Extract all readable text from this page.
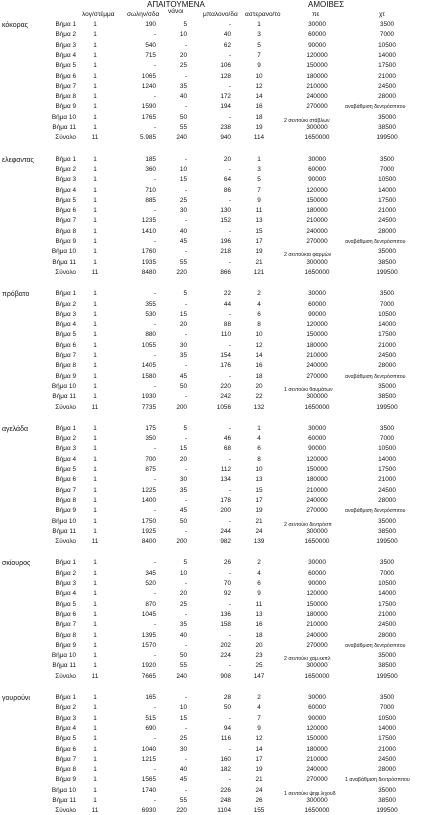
ΑΠΑΙΤΟΥΜΕΝΑ	ΑΜΟΙΒΕΣ
λογ/στέμμα σωλην/σδα νάνοι	μπαλονο/δα αστερανο/το	πε	χτ
κόκορας	Βήμα 1	1	190	5	-	1	30000	3500
Βήμα 2	1	-	10	40	3	60000	7000
Βήμα 3	1	540	-	62	5	90000	10500
Βήμα 4	1	715	20	-	7	120000	14000
Βήμα 5	1	-	25	106	9	150000	17500
Βήμα 6	1	1065	-	128	10	180000	21000
Βήμα 7	1	1240	35	-	12	210000	24500
Βήμα 8	1	-	40	172	14	240000	28000
Βήμα 9	1	1590	-	194	16	270000	αναβάθμιση δεντρόσπιτου
Βήμα 10	1	1765	50	-	18	35000
2 σεντούκι στάβλων
Βήμα 11	1	-	55	238	19	300000	38500
Σύνολο	11	5.985	240	940	114	1650000	199500
ελεφαντας	Βήμα 1	1	185	-	20	1	30000	3500
Βήμα 2	1	360	10	-	3	60000	7000
Βήμα 3	1	-	15	64	5	90000	10500
Βήμα 4	1	710	-	86	7	120000	14000
Βήμα 5	1	885	25	-	9	150000	17500
Βήμα 6	1	-	30	130	11	180000	21000
Βήμα 7	1	1235	-	152	13	210000	24500
Βήμα 8	1	1410	40	-	15	240000	28000
Βήμα 9	1	-	45	196	17	270000	αναβάθμιση δεντρόσπιτου
Βήμα 10	1	1760	-	218	19	35000
2 σεντούκια φαρμών
Βήμα 11	1	1935	55	-	21	300000	38500
Σύνολο	11	8480	220	866	121	1650000	199500
πρόβατο	Βήμα 1	1	-	5	22	2	30000	3500
Βήμα 2	1	355	-	44	4	60000	7000
Βήμα 3	1	530	15	-	6	90000	10500
Βήμα 4	1	-	20	88	8	120000	14000
Βήμα 5	1	880	-	110	10	150000	17500
Βήμα 6	1	1055	30	-	12	180000	21000
Βήμα 7	1	-	35	154	14	210000	24500
Βήμα 8	1	1405	-	176	16	240000	28000
Βήμα 9	1	1580	45	-	18	270000	αναβάθμιση δεντρόσπιτου
Βήμα 10	1	-	50	220	20	35000
1 σεντούκι θαυμάτων
Βήμα 11	1	1930	-	242	22	300000	38500
Σύνολο	11	7735	200	1056	132	1650000	199500
αγελάδα	Βήμα 1	1	175	5	-	1	30000	3500
Βήμα 2	1	350	-	46	4	60000	7000
Βήμα 3	1	-	15	68	6	90000	10500
Βήμα 4	1	700	20	-	8	120000	14000
Βήμα 5	1	875	-	112	10	150000	17500
Βήμα 6	1	-	30	134	13	180000	21000
Βήμα 7	1	1225	35	-	15	210000	24500
Βήμα 8	1	1400	-	178	17	240000	28000
Βήμα 9	1	-	45	200	19	270000	αναβάθμιση δεντρόσπιτου
Βήμα 10	1	1750	50	-	21	35000
2 σεντούκι δεντρόσπ
Βήμα 11	1	1925	-	244	24	300000	38500
Σύνολο	11	8400	200	982	139	1650000	199500
σκίουρος	Βήμα 1	1	-	5	26	2	30000	3500
Βήμα 2	1	345	10	-	4	60000	7000
Βήμα 3	1	520	-	70	6	90000	10500
Βήμα 4	1	-	20	92	9	120000	14000
Βήμα 5	1	870	25	-	11	150000	17500
Βήμα 6	1	1045	-	136	13	180000	21000
Βήμα 7	1	-	35	158	16	210000	24500
Βήμα 8	1	1395	40	-	18	240000	28000
Βήμα 9	1	1570	-	202	20	270000	αναβάθμιση δεντρόσπιτου
Βήμα 10	1	-	50	224	23	35000
2 σεντούκι χαμ.εκπλ
Βήμα 11	1	1920	55	-	25	300000	38500
Σύνολο	11	7665	240	908	147	1650000	199500
γουρούνι	Βήμα 1	1	165	-	28	2	30000	3500
Βήμα 2	1	-	10	50	4	60000	7000
Βήμα 3	1	515	15	-	7	90000	10500
Βήμα 4	1	690	-	94	9	120000	14000
Βήμα 5	1	-	25	116	12	150000	17500
Βήμα 6	1	1040	30	-	14	180000	21000
Βήμα 7	1	1215	-	160	17	210000	24500
Βήμα 8	1	-	40	182	19	240000	28000
Βήμα 9	1	1565	45	-	21	270000	1 αναβάθμιση δεντρόσπιτου
Βήμα 10	1	1740	-	226	24	35000
1 σεντούκι ψηφ.λιχουδ
Βήμα 11	1	-	55	248	26	300000	38500
Σύνολο	11	6930	220	1104	155	1650000	199500
